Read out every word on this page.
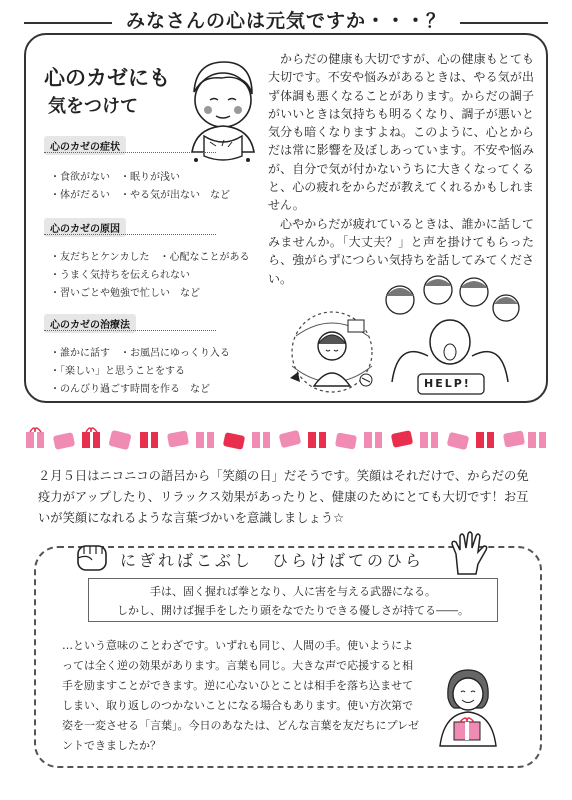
みなさんの心は元気ですか・・・？
心のカゼにも
気をつけて
心のカゼの症状
・食欲がない　・眠りが浅い
・体がだるい　・やる気が出ない　など
心のカゼの原因
・友だちとケンカした　・心配なことがある
・うまく気持ちを伝えられない
・習いごとや勉強で忙しい　など
心のカゼの治療法
・誰かに話す　・お風呂にゆっくり入る
・「楽しい」と思うことをする
・のんびり過ごす時間を作る　など

からだの健康も大切ですが、心の健康もとても大切です。不安や悩みがあるときは、やる気が出ず体調も悪くなることがあります。からだの調子がいいときは気持ちも明るくなり、調子が悪いと気分も暗くなりますよね。このように、心とからだは常に影響を及ぼしあっています。不安や悩みが、自分で気が付かないうちに大きくなってくると、心の疲れをからだが教えてくれるかもしれません。

心やからだが疲れているときは、誰かに話してみませんか。「大丈夫？」と声を掛けてもらったら、強がらずにつらい気持ちを話してみてください。

HELP!
２月５日はニコニコの語呂から「笑顔の日」だそうです。笑顔はそれだけで、からだの免疫力がアップしたり、リラックス効果があったりと、健康のためにとても大切です！お互いが笑顔になれるような言葉づかいを意識しましょう☆
にぎればこぶし　ひらけばてのひら
手は、固く握れば拳となり、人に害を与える武器になる。
しかし、開けば握手をしたり頭をなでたりできる優しさが持てる――。
…という意味のことわざです。いずれも同じ、人間の手。使いようによっては全く逆の効果があります。言葉も同じ。大きな声で応援すると相手を励ますことができます。逆に心ないひとことは相手を落ち込ませてしまい、取り返しのつかないことになる場合もあります。使い方次第で姿を一変させる「言葉」。今日のあなたは、どんな言葉を友だちにプレゼントできましたか？
